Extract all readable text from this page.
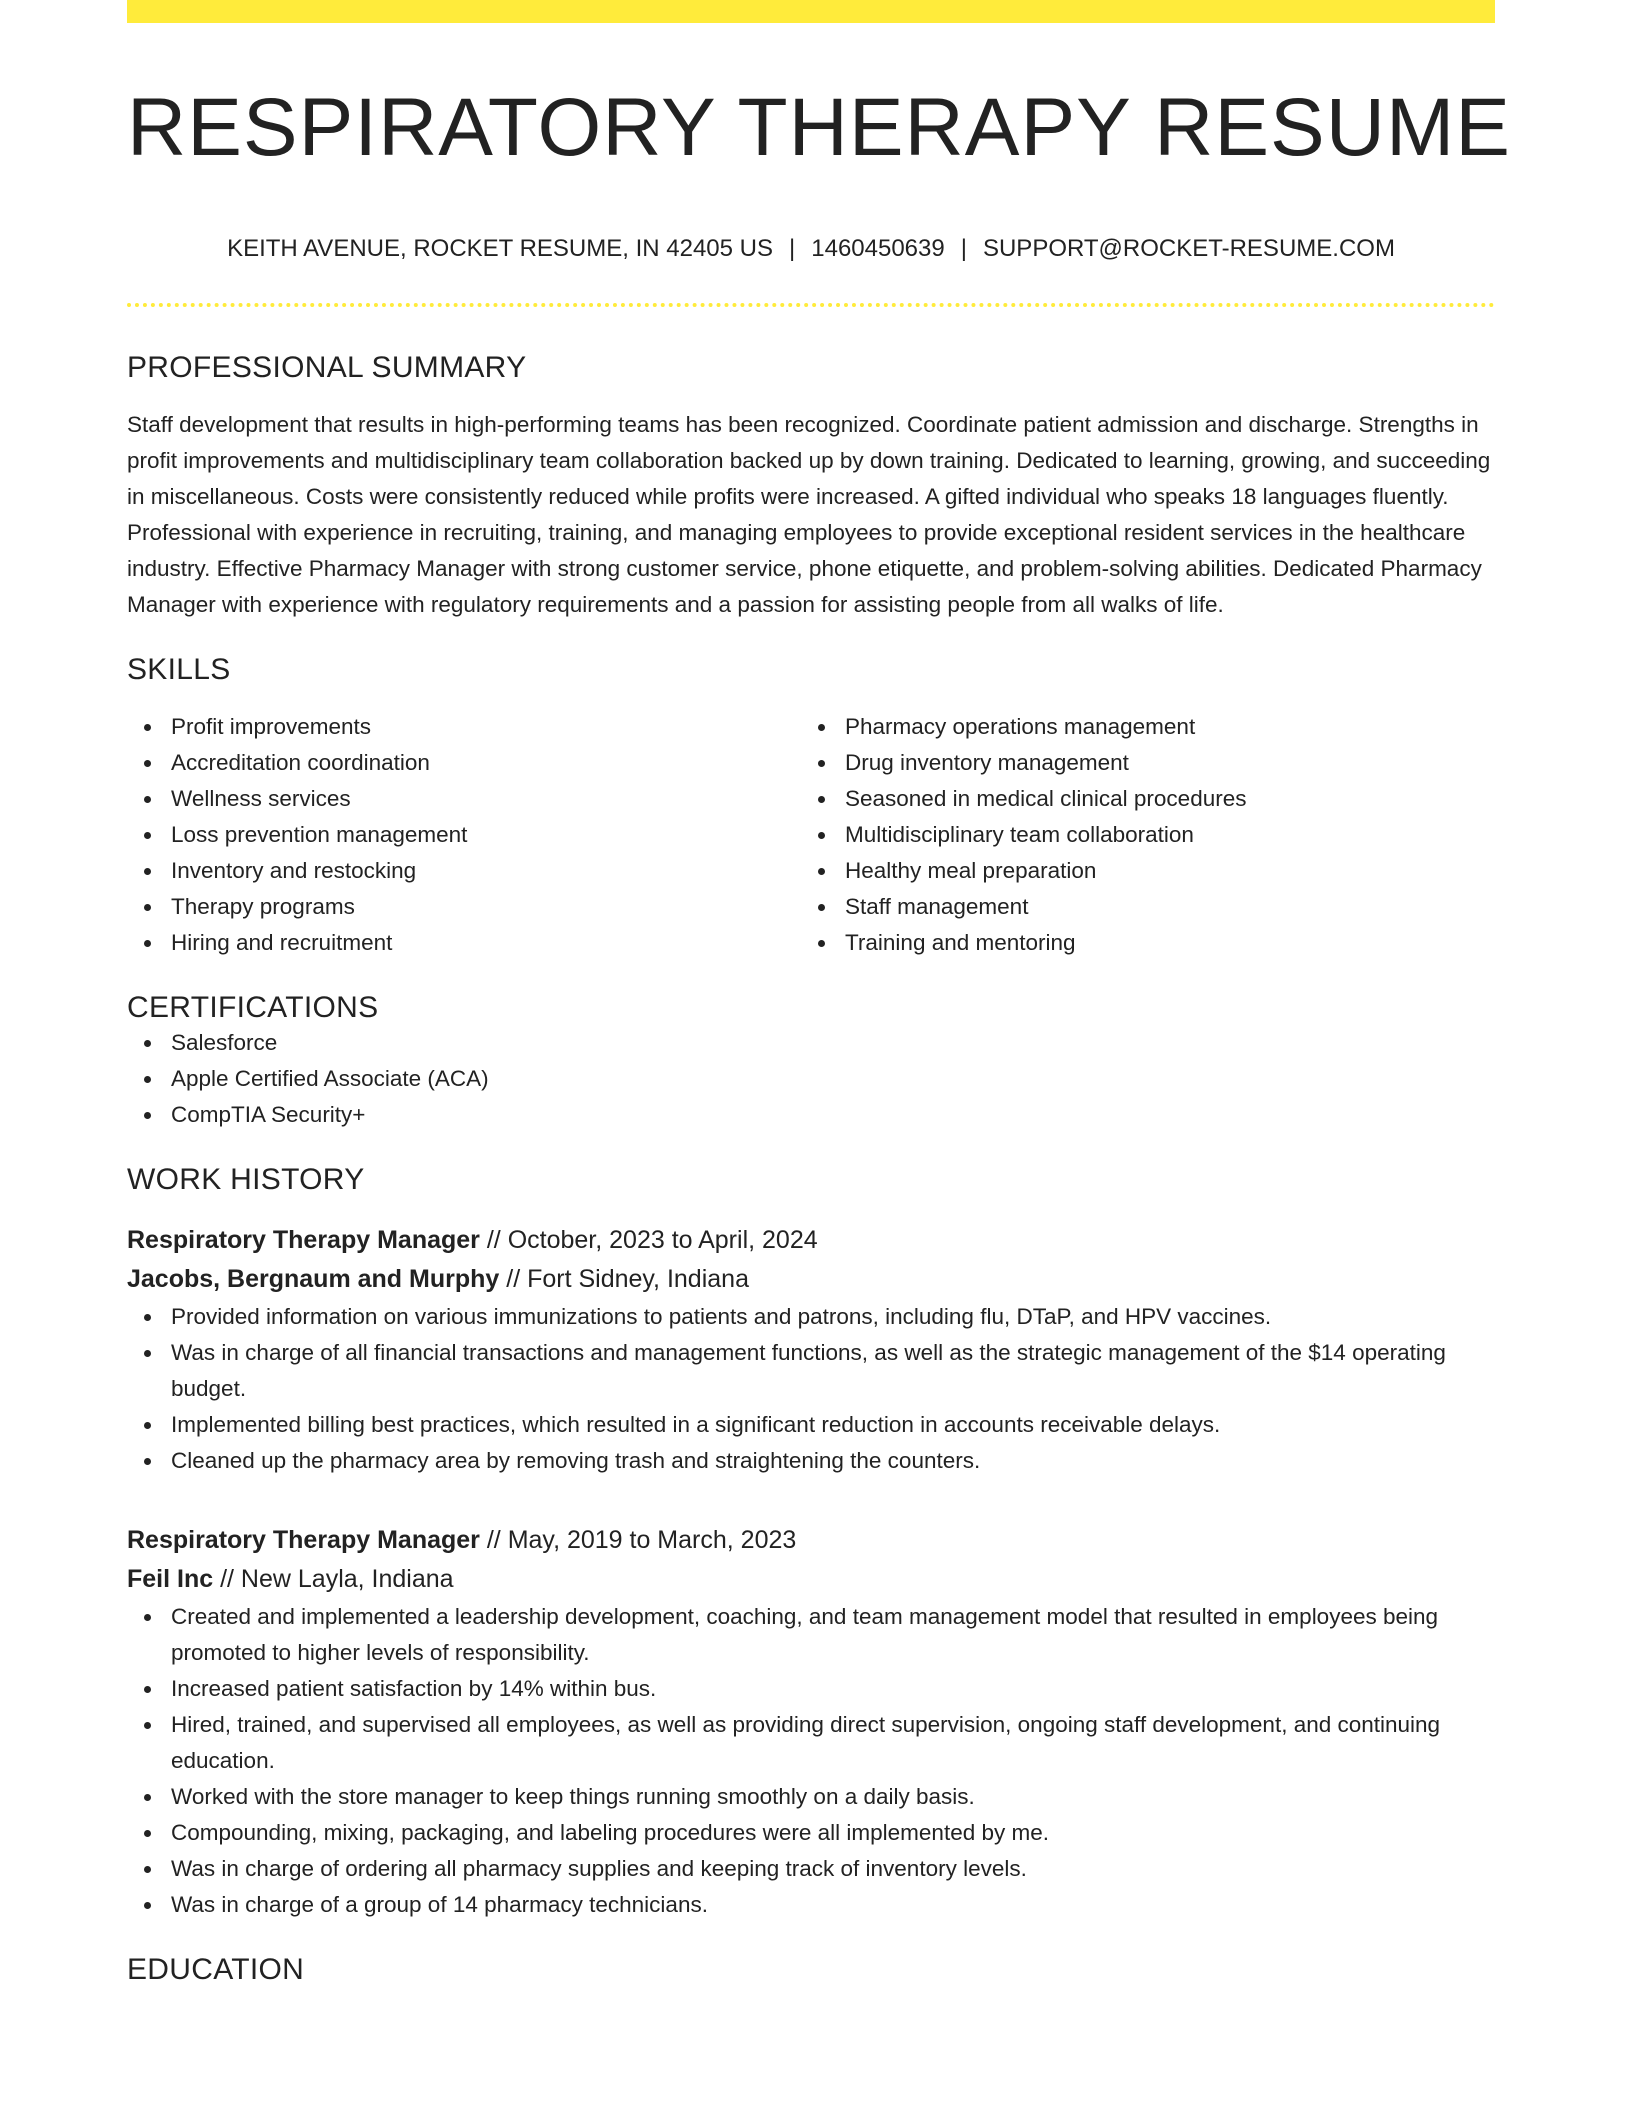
RESPIRATORY THERAPY RESUME
KEITH AVENUE, ROCKET RESUME, IN 42405 US | 1460450639 | SUPPORT@ROCKET-RESUME.COM
PROFESSIONAL SUMMARY

Staff development that results in high-performing teams has been recognized. Coordinate patient admission and discharge. Strengths in profit improvements and multidisciplinary team collaboration backed up by down training. Dedicated to learning, growing, and succeeding in miscellaneous. Costs were consistently reduced while profits were increased. A gifted individual who speaks 18 languages fluently. Professional with experience in recruiting, training, and managing employees to provide exceptional resident services in the healthcare industry. Effective Pharmacy Manager with strong customer service, phone etiquette, and problem-solving abilities. Dedicated Pharmacy Manager with experience with regulatory requirements and a passion for assisting people from all walks of life.

SKILLS
Profit improvements
Accreditation coordination
Wellness services
Loss prevention management
Inventory and restocking
Therapy programs
Hiring and recruitment
Pharmacy operations management
Drug inventory management
Seasoned in medical clinical procedures
Multidisciplinary team collaboration
Healthy meal preparation
Staff management
Training and mentoring
CERTIFICATIONS
Salesforce
Apple Certified Associate (ACA)
CompTIA Security+
WORK HISTORY
Respiratory Therapy Manager // October, 2023 to April, 2024
Jacobs, Bergnaum and Murphy // Fort Sidney, Indiana
Provided information on various immunizations to patients and patrons, including flu, DTaP, and HPV vaccines.
Was in charge of all financial transactions and management functions, as well as the strategic management of the $14 operating budget.
Implemented billing best practices, which resulted in a significant reduction in accounts receivable delays.
Cleaned up the pharmacy area by removing trash and straightening the counters.
Respiratory Therapy Manager // May, 2019 to March, 2023
Feil Inc // New Layla, Indiana
Created and implemented a leadership development, coaching, and team management model that resulted in employees being promoted to higher levels of responsibility.
Increased patient satisfaction by 14% within bus.
Hired, trained, and supervised all employees, as well as providing direct supervision, ongoing staff development, and continuing education.
Worked with the store manager to keep things running smoothly on a daily basis.
Compounding, mixing, packaging, and labeling procedures were all implemented by me.
Was in charge of ordering all pharmacy supplies and keeping track of inventory levels.
Was in charge of a group of 14 pharmacy technicians.
EDUCATION
